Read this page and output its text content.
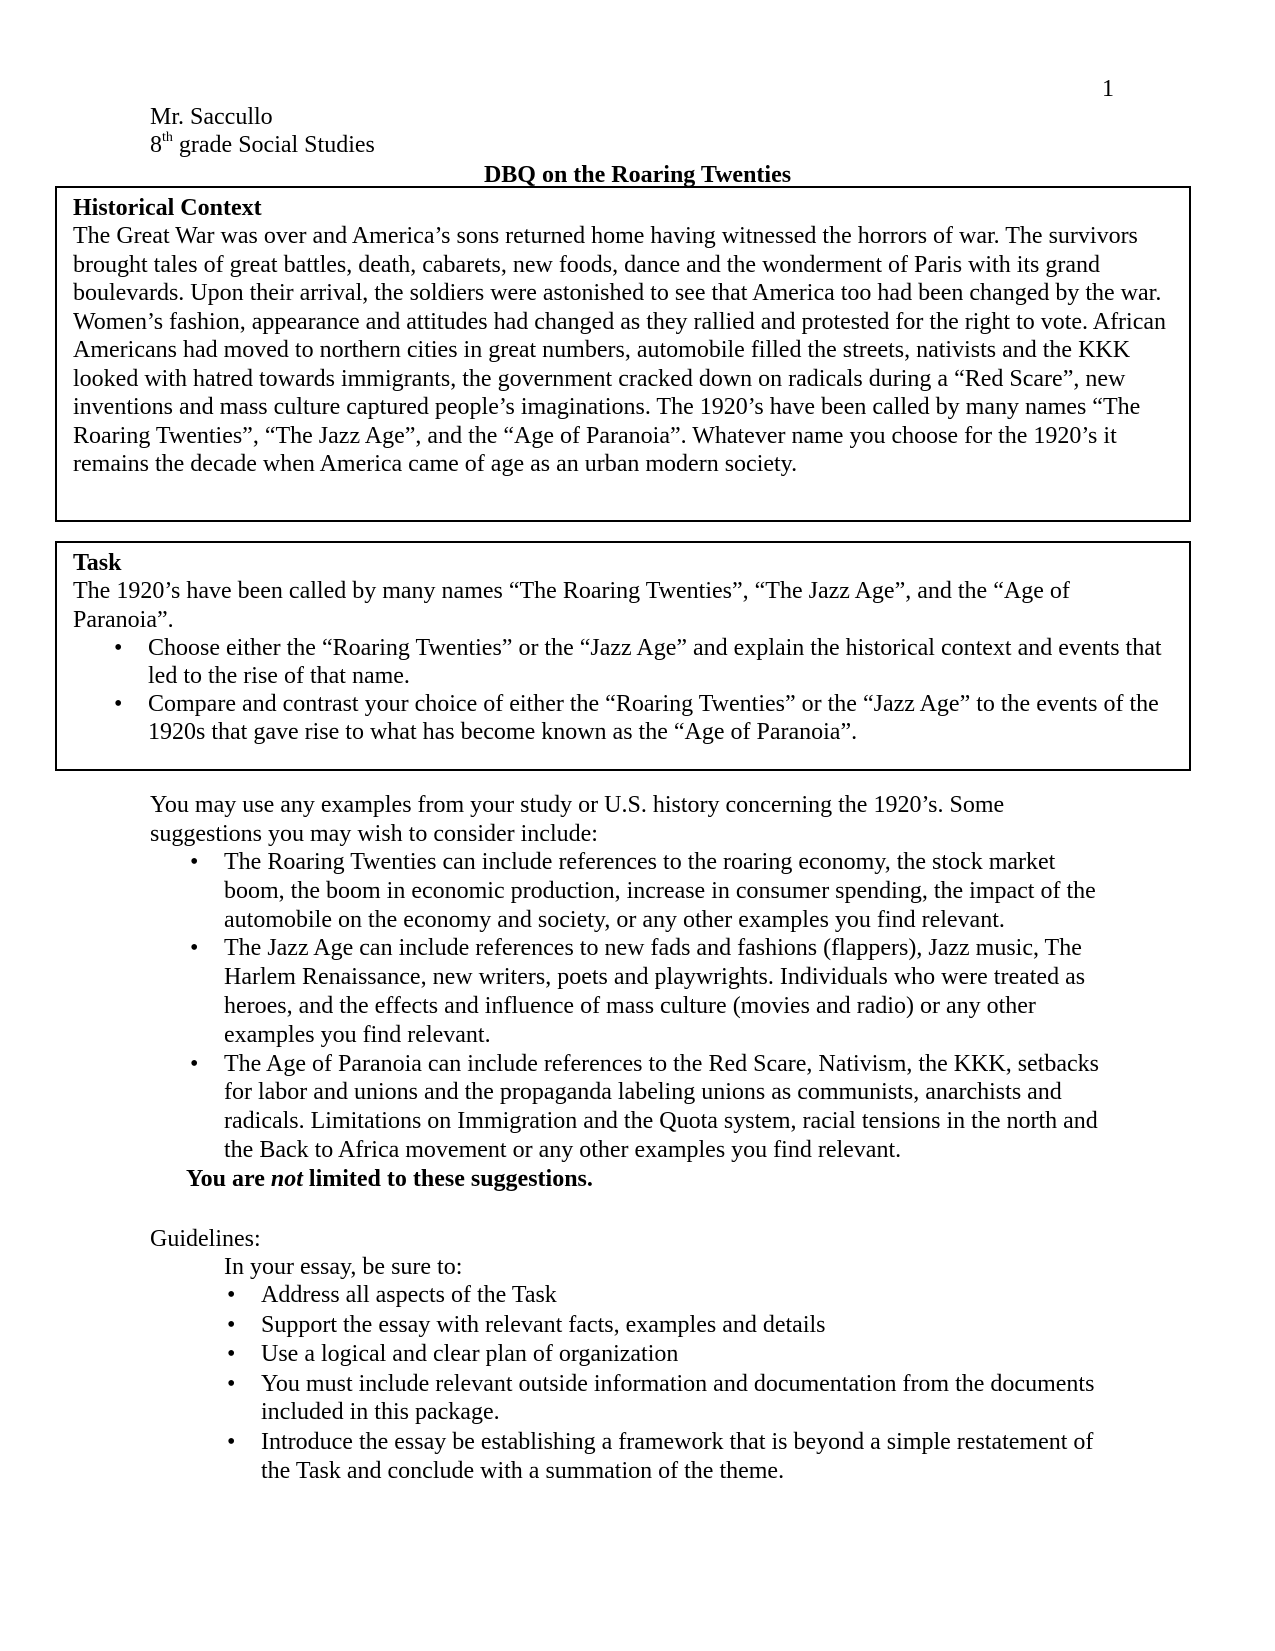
1
Mr. Saccullo
8th grade Social Studies
DBQ on the Roaring Twenties
Historical Context

The Great War was over and America’s sons returned home having witnessed the horrors of war. The survivors brought tales of great battles, death, cabarets, new foods, dance and the wonderment of Paris with its grand boulevards. Upon their arrival, the soldiers were astonished to see that America too had been changed by the war. Women’s fashion, appearance and attitudes had changed as they rallied and protested for the right to vote. African Americans had moved to northern cities in great numbers, automobile filled the streets, nativists and the KKK looked with hatred towards immigrants, the government cracked down on radicals during a “Red Scare”, new inventions and mass culture captured people’s imaginations. The 1920’s have been called by many names “The Roaring Twenties”, “The Jazz Age”, and the “Age of Paranoia”. Whatever name you choose for the 1920’s it remains the decade when America came of age as an urban modern society.

Task

The 1920’s have been called by many names “The Roaring Twenties”, “The Jazz Age”, and the “Age of Paranoia”.

• Choose either the “Roaring Twenties” or the “Jazz Age” and explain the historical context and events that led to the rise of that name.
• Compare and contrast your choice of either the “Roaring Twenties” or the “Jazz Age” to the events of the 1920s that gave rise to what has become known as the “Age of Paranoia”.

You may use any examples from your study or U.S. history concerning the 1920’s. Some suggestions you may wish to consider include:

• The Roaring Twenties can include references to the roaring economy, the stock market boom, the boom in economic production, increase in consumer spending, the impact of the automobile on the economy and society, or any other examples you find relevant.
• The Jazz Age can include references to new fads and fashions (flappers), Jazz music, The Harlem Renaissance, new writers, poets and playwrights. Individuals who were treated as heroes, and the effects and influence of mass culture (movies and radio) or any other examples you find relevant.
• The Age of Paranoia can include references to the Red Scare, Nativism, the KKK, setbacks for labor and unions and the propaganda labeling unions as communists, anarchists and radicals. Limitations on Immigration and the Quota system, racial tensions in the north and the Back to Africa movement or any other examples you find relevant.
You are not limited to these suggestions.
Guidelines:
In your essay, be sure to:
• Address all aspects of the Task
• Support the essay with relevant facts, examples and details
• Use a logical and clear plan of organization
• You must include relevant outside information and documentation from the documents included in this package.
• Introduce the essay be establishing a framework that is beyond a simple restatement of the Task and conclude with a summation of the theme.
